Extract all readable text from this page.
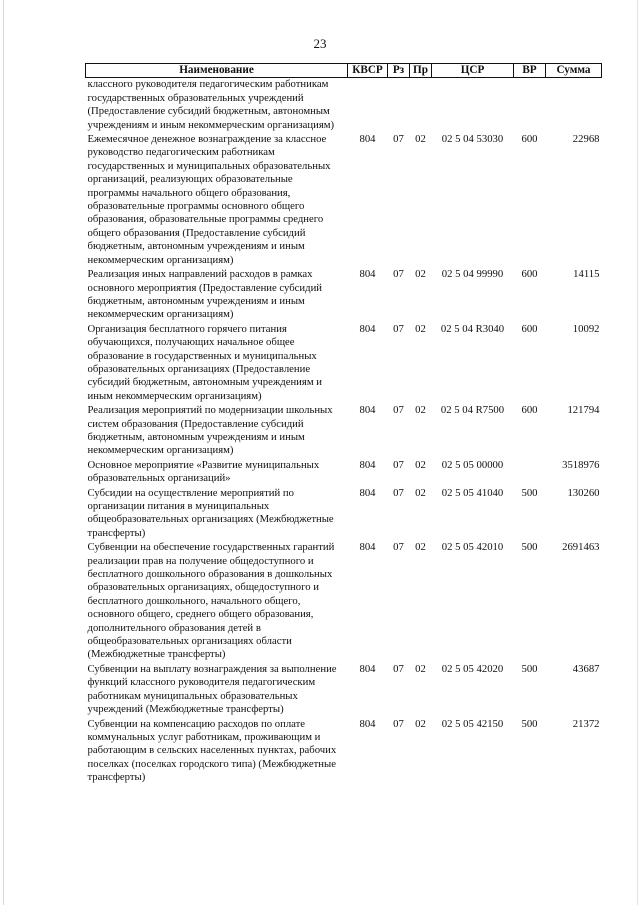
23
Наименование	КВСР	Рз	Пр	ЦСР	ВР	Сумма
классного руководителя педагогическим работникам государственных образовательных учреждений (Предоставление субсидий бюджетным, автономным учреждениям и иным некоммерческим организациям)						
Ежемесячное денежное вознаграждение за классное руководство педагогическим работникам государственных и муниципальных образовательных организаций, реализующих образовательные программы начального общего образования, образовательные программы основного общего образования, образовательные программы среднего общего образования (Предоставление субсидий бюджетным, автономным учреждениям и иным некоммерческим организациям)	804	07	02	02 5 04 53030	600	22968
Реализация иных направлений расходов в рамках основного мероприятия (Предоставление субсидий бюджетным, автономным учреждениям и иным некоммерческим организациям)	804	07	02	02 5 04 99990	600	14115
Организация бесплатного горячего питания обучающихся, получающих начальное общее образование в государственных и муниципальных образовательных организациях (Предоставление субсидий бюджетным, автономным учреждениям и иным некоммерческим организациям)	804	07	02	02 5 04 R3040	600	10092
Реализация мероприятий по модернизации школьных систем образования (Предоставление субсидий бюджетным, автономным учреждениям и иным некоммерческим организациям)	804	07	02	02 5 04 R7500	600	121794
Основное мероприятие «Развитие муниципальных образовательных организаций»	804	07	02	02 5 05 00000		3518976
Субсидии на осуществление мероприятий по организации питания в муниципальных общеобразовательных организациях (Межбюджетные трансферты)	804	07	02	02 5 05 41040	500	130260
Субвенции на обеспечение государственных гарантий реализации прав на получение общедоступного и бесплатного дошкольного образования в дошкольных образовательных организациях, общедоступного и бесплатного дошкольного, начального общего, основного общего, среднего общего образования, дополнительного образования детей в общеобразовательных организациях области (Межбюджетные трансферты)	804	07	02	02 5 05 42010	500	2691463
Субвенции на выплату вознаграждения за выполнение функций классного руководителя педагогическим работникам муниципальных образовательных учреждений (Межбюджетные трансферты)	804	07	02	02 5 05 42020	500	43687
Субвенции на компенсацию расходов по оплате коммунальных услуг работникам, проживающим и работающим в сельских населенных пунктах, рабочих поселках (поселках городского типа) (Межбюджетные трансферты)	804	07	02	02 5 05 42150	500	21372
